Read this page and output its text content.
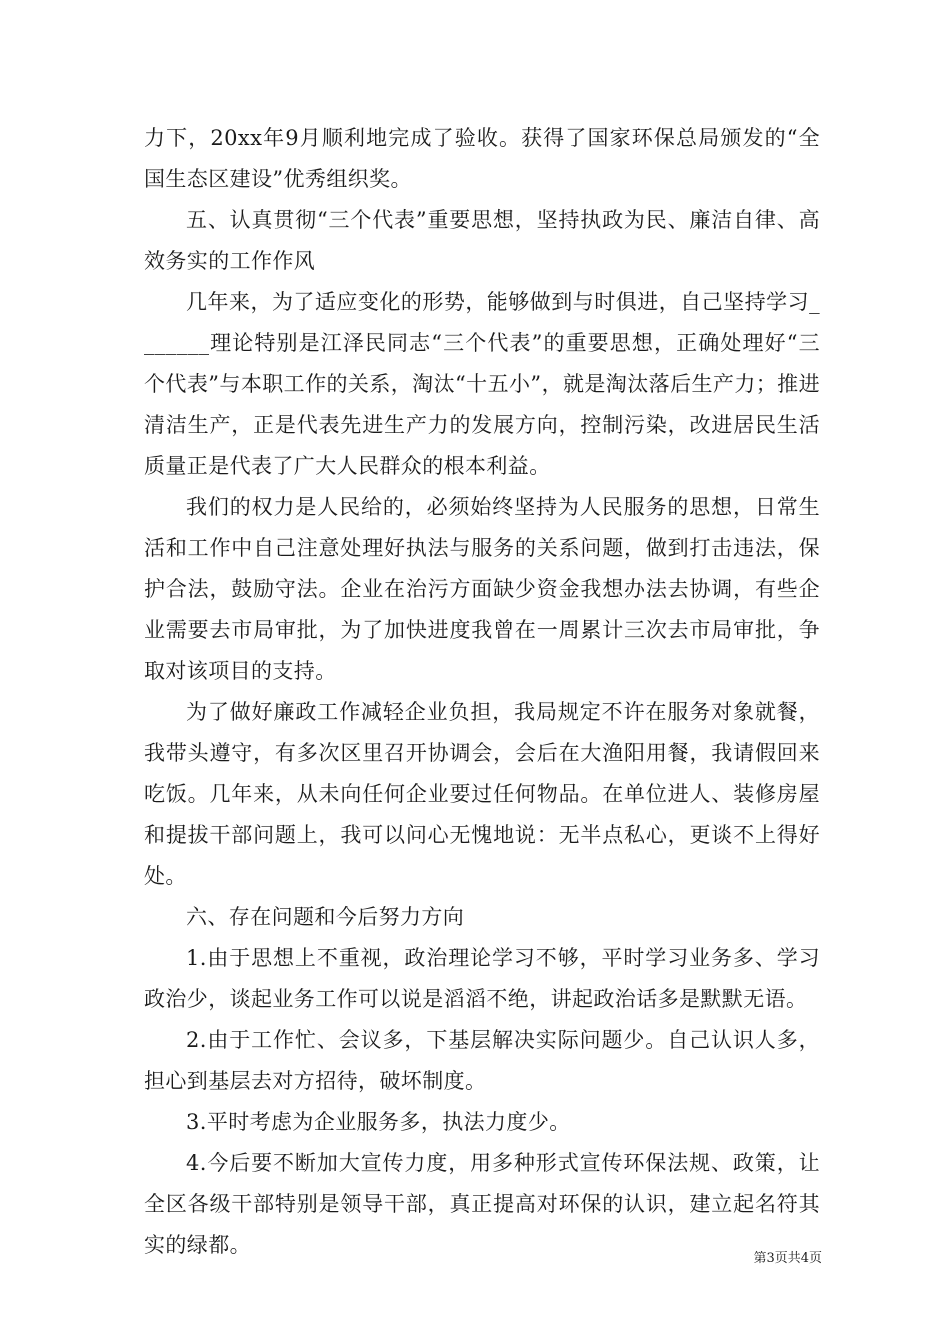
力下，20xx年9月顺利地完成了验收。获得了国家环保总局颁发的“全国生态区建设”优秀组织奖。

五、认真贯彻“三个代表”重要思想，坚持执政为民、廉洁自律、高效务实的工作作风

几年来，为了适应变化的形势，能够做到与时俱进，自己坚持学习_______理论特别是江泽民同志“三个代表”的重要思想，正确处理好“三个代表”与本职工作的关系，淘汰“十五小”，就是淘汰落后生产力；推进清洁生产，正是代表先进生产力的发展方向，控制污染，改进居民生活质量正是代表了广大人民群众的根本利益。

我们的权力是人民给的，必须始终坚持为人民服务的思想，日常生活和工作中自己注意处理好执法与服务的关系问题，做到打击违法，保护合法，鼓励守法。企业在治污方面缺少资金我想办法去协调，有些企业需要去市局审批，为了加快进度我曾在一周累计三次去市局审批，争取对该项目的支持。

为了做好廉政工作减轻企业负担，我局规定不许在服务对象就餐，我带头遵守，有多次区里召开协调会，会后在大渔阳用餐，我请假回来吃饭。几年来，从未向任何企业要过任何物品。在单位进人、装修房屋和提拔干部问题上，我可以问心无愧地说：无半点私心，更谈不上得好处。

六、存在问题和今后努力方向

1.由于思想上不重视，政治理论学习不够，平时学习业务多、学习政治少，谈起业务工作可以说是滔滔不绝，讲起政治话多是默默无语。

2.由于工作忙、会议多，下基层解决实际问题少。自己认识人多，担心到基层去对方招待，破坏制度。

3.平时考虑为企业服务多，执法力度少。

4.今后要不断加大宣传力度，用多种形式宣传环保法规、政策，让全区各级干部特别是领导干部，真正提高对环保的认识，建立起名符其实的绿都。

第3页共4页
